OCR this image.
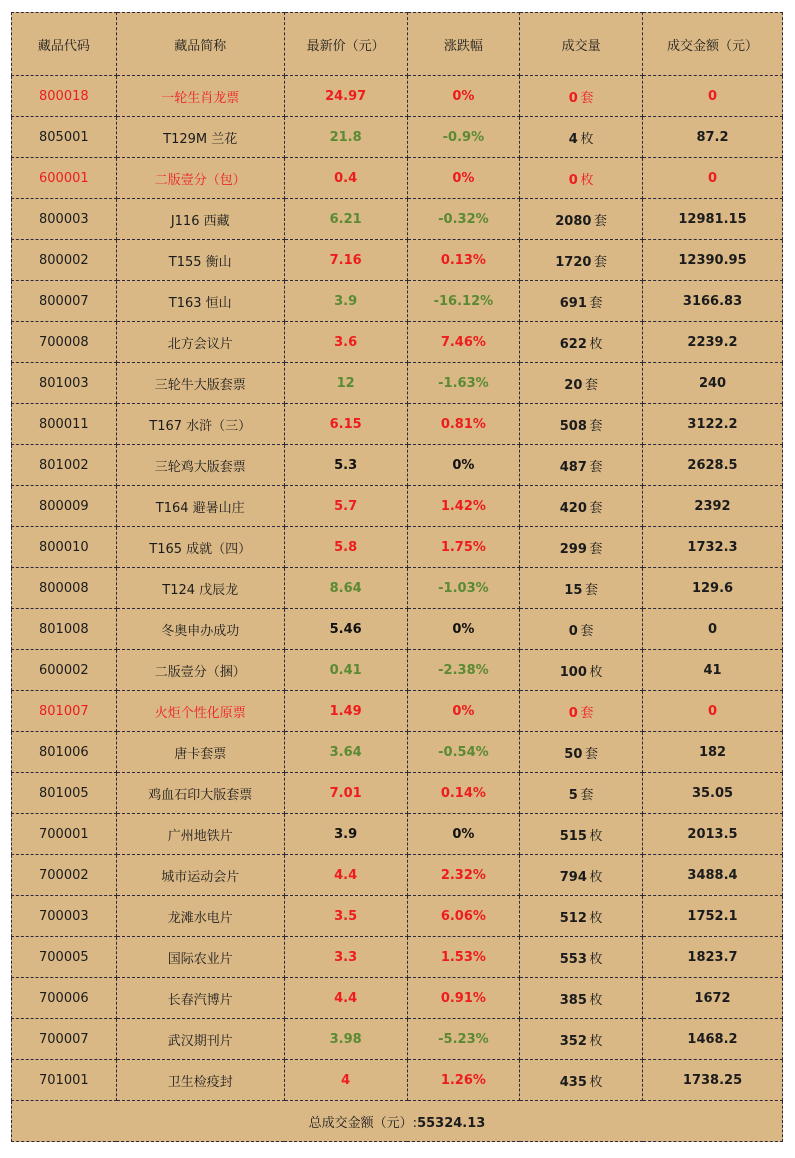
藏品代码	藏品简称	最新价（元）	涨跌幅	成交量	成交金额（元）
800018	一轮生肖龙票	24.97	0%	0  套	0
805001	T129M 兰花	21.8	-0.9%	4  枚	87.2
600001	二版壹分（包）	0.4	0%	0  枚	0
800003	J116 西藏	6.21	-0.32%	2080  套	12981.15
800002	T155 衡山	7.16	0.13%	1720  套	12390.95
800007	T163 恒山	3.9	-16.12%	691  套	3166.83
700008	北方会议片	3.6	7.46%	622  枚	2239.2
801003	三轮牛大版套票	12	-1.63%	20  套	240
800011	T167 水浒（三）	6.15	0.81%	508  套	3122.2
801002	三轮鸡大版套票	5.3	0%	487  套	2628.5
800009	T164 避暑山庄	5.7	1.42%	420  套	2392
800010	T165 成就（四）	5.8	1.75%	299  套	1732.3
800008	T124 戊辰龙	8.64	-1.03%	15  套	129.6
801008	冬奥申办成功	5.46	0%	0  套	0
600002	二版壹分（捆）	0.41	-2.38%	100  枚	41
801007	火炬个性化原票	1.49	0%	0  套	0
801006	唐卡套票	3.64	-0.54%	50  套	182
801005	鸡血石印大版套票	7.01	0.14%	5  套	35.05
700001	广州地铁片	3.9	0%	515  枚	2013.5
700002	城市运动会片	4.4	2.32%	794  枚	3488.4
700003	龙滩水电片	3.5	6.06%	512  枚	1752.1
700005	国际农业片	3.3	1.53%	553  枚	1823.7
700006	长春汽博片	4.4	0.91%	385  枚	1672
700007	武汉期刊片	3.98	-5.23%	352  枚	1468.2
701001	卫生检疫封	4	1.26%	435  枚	1738.25
总成交金额（元）:55324.13					
